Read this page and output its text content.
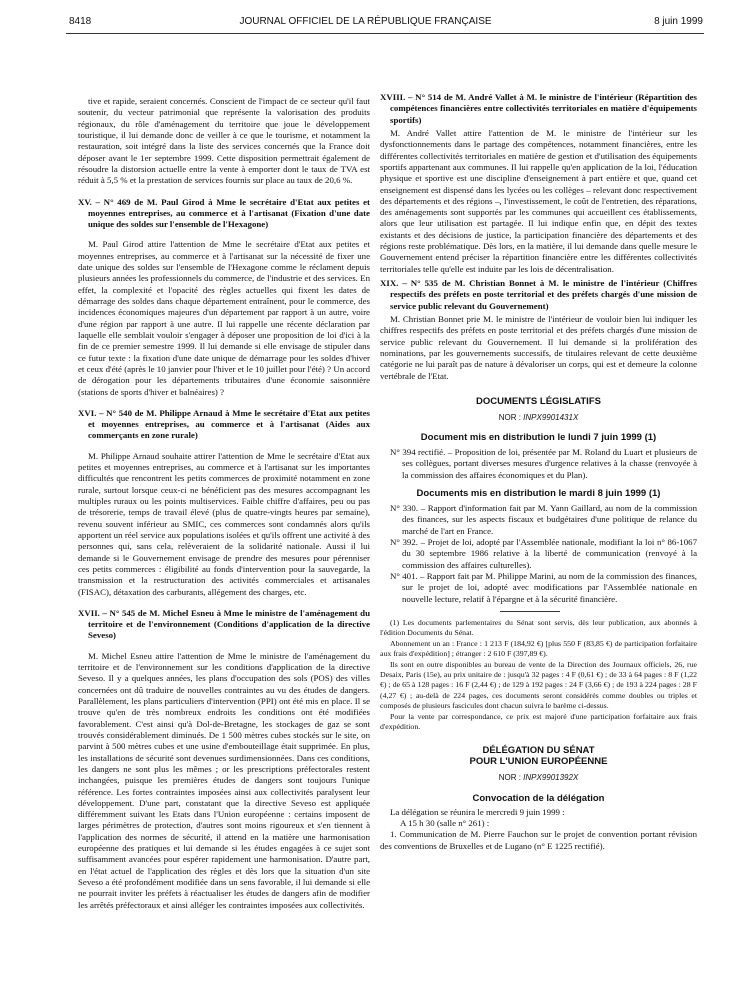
8418	JOURNAL OFFICIEL DE LA RÉPUBLIQUE FRANÇAISE	8 juin 1999

tive et rapide, seraient concernés. Conscient de l'impact de ce secteur qu'il faut soutenir, du vecteur patrimonial que représente la valorisation des produits régionaux, du rôle d'aménagement du territoire que joue le développement touristique, il lui demande donc de veiller à ce que le tourisme, et notamment la restauration, soit intégré dans la liste des services concernés que la France doit déposer avant le 1er septembre 1999. Cette disposition permettrait également de résoudre la distorsion actuelle entre la vente à emporter dont le taux de TVA est réduit à 5,5 % et la prestation de services fournis sur place au taux de 20,6 %.

XV. – N° 469 de M. Paul Girod à Mme le secrétaire d'Etat aux petites et moyennes entreprises, au commerce et à l'artisanat (Fixation d'une date unique des soldes sur l'ensemble de l'Hexagone)

M. Paul Girod attire l'attention de Mme le secrétaire d'Etat aux petites et moyennes entreprises, au commerce et à l'artisanat sur la nécessité de fixer une date unique des soldes sur l'ensemble de l'Hexagone comme le réclament depuis plusieurs années les professionnels du commerce, de l'industrie et des services. En effet, la complexité et l'opacité des règles actuelles qui fixent les dates de démarrage des soldes dans chaque département entraînent, pour le commerce, des incidences économiques majeures d'un département par rapport à un autre, voire d'une région par rapport à une autre. Il lui rappelle une récente déclaration par laquelle elle semblait vouloir s'engager à déposer une proposition de loi d'ici à la fin de ce premier semestre 1999. Il lui demande si elle envisage de stipuler dans ce futur texte : la fixation d'une date unique de démarrage pour les soldes d'hiver et ceux d'été (après le 10 janvier pour l'hiver et le 10 juillet pour l'été) ? Un accord de dérogation pour les départements tributaires d'une économie saisonnière (stations de sports d'hiver et balnéaires) ?

XVI. – N° 540 de M. Philippe Arnaud à Mme le secrétaire d'Etat aux petites et moyennes entreprises, au commerce et à l'artisanat (Aides aux commerçants en zone rurale)

M. Philippe Arnaud souhaite attirer l'attention de Mme le secrétaire d'Etat aux petites et moyennes entreprises, au commerce et à l'artisanat sur les importantes difficultés que rencontrent les petits commerces de proximité notamment en zone rurale, surtout lorsque ceux-ci ne bénéficient pas des mesures accompagnant les multiples ruraux ou les points multiservices. Faible chiffre d'affaires, peu ou pas de trésorerie, temps de travail élevé (plus de quatre-vingts heures par semaine), revenu souvent inférieur au SMIC, ces commerces sont condamnés alors qu'ils apportent un réel service aux populations isolées et qu'ils offrent une activité à des personnes qui, sans cela, relèveraient de la solidarité nationale. Aussi il lui demande si le Gouvernement envisage de prendre des mesures pour pérenniser ces petits commerces : éligibilité au fonds d'intervention pour la sauvegarde, la transmission et la restructuration des activités commerciales et artisanales (FISAC), détaxation des carburants, allégement des charges, etc.

XVII. – N° 545 de M. Michel Esneu à Mme le ministre de l'aménagement du territoire et de l'environnement (Conditions d'application de la directive Seveso)

M. Michel Esneu attire l'attention de Mme le ministre de l'aménagement du territoire et de l'environnement sur les conditions d'application de la directive Seveso. Il y a quelques années, les plans d'occupation des sols (POS) des villes concernées ont dû traduire de nouvelles contraintes au vu des études de dangers. Parallèlement, les plans particuliers d'intervention (PPI) ont été mis en place. Il se trouve qu'en de très nombreux endroits les conditions ont été modifiées favorablement. C'est ainsi qu'à Dol-de-Bretagne, les stockages de gaz se sont trouvés considérablement diminués. De 1 500 mètres cubes stockés sur le site, on parvint à 500 mètres cubes et une usine d'embouteillage était supprimée. En plus, les installations de sécurité sont devenues surdimensionnées. Dans ces conditions, les dangers ne sont plus les mêmes ; or les prescriptions préfectorales restent inchangées, puisque les premières études de dangers sont toujours l'unique référence. Les fortes contraintes imposées ainsi aux collectivités paralysent leur développement. D'une part, constatant que la directive Seveso est appliquée différemment suivant les Etats dans l'Union européenne : certains imposent de larges périmètres de protection, d'autres sont moins rigoureux et s'en tiennent à l'application des normes de sécurité, il attend en la matière une harmonisation européenne des pratiques et lui demande si les études engagées à ce sujet sont suffisamment avancées pour espérer rapidement une harmonisation. D'autre part, en l'état actuel de l'application des règles et dès lors que la situation d'un site Seveso a été profondément modifiée dans un sens favorable, il lui demande si elle ne pourrait inviter les préfets à réactualiser les études de dangers afin de modifier les arrêtés préfectoraux et ainsi alléger les contraintes imposées aux collectivités.

XVIII. – N° 514 de M. André Vallet à M. le ministre de l'intérieur (Répartition des compétences financières entre collectivités territoriales en matière d'équipements sportifs)

M. André Vallet attire l'attention de M. le ministre de l'intérieur sur les dysfonctionnements dans le partage des compétences, notamment financières, entre les différentes collectivités territoriales en matière de gestion et d'utilisation des équipements sportifs appartenant aux communes. Il lui rappelle qu'en application de la loi, l'éducation physique et sportive est une discipline d'enseignement à part entière et que, quand cet enseignement est dispensé dans les lycées ou les collèges – relevant donc respectivement des départements et des régions –, l'investissement, le coût de l'entretien, des réparations, des aménagements sont supportés par les communes qui accueillent ces établissements, alors que leur utilisation est partagée. Il lui indique enfin que, en dépit des textes existants et des décisions de justice, la participation financière des départements et des régions reste problématique. Dès lors, en la matière, il lui demande dans quelle mesure le Gouvernement entend préciser la répartition financière entre les différentes collectivités territoriales telle qu'elle est induite par les lois de décentralisation.

XIX. – N° 535 de M. Christian Bonnet à M. le ministre de l'intérieur (Chiffres respectifs des préfets en poste territorial et des préfets chargés d'une mission de service public relevant du Gouvernement)

M. Christian Bonnet prie M. le ministre de l'intérieur de vouloir bien lui indiquer les chiffres respectifs des préfets en poste territorial et des préfets chargés d'une mission de service public relevant du Gouvernement. Il lui demande si la prolifération des nominations, par les gouvernements successifs, de titulaires relevant de cette deuxième catégorie ne lui paraît pas de nature à dévaloriser un corps, qui est et demeure la colonne vertébrale de l'Etat.

DOCUMENTS LÉGISLATIFS

NOR : INPX9901431X

Document mis en distribution le lundi 7 juin 1999 (1)

N° 394 rectifié. – Proposition de loi, présentée par M. Roland du Luart et plusieurs de ses collègues, portant diverses mesures d'urgence relatives à la chasse (renvoyée à la commission des affaires économiques et du Plan).

Documents mis en distribution le mardi 8 juin 1999 (1)

N° 330. – Rapport d'information fait par M. Yann Gaillard, au nom de la commission des finances, sur les aspects fiscaux et budgétaires d'une politique de relance du marché de l'art en France.

N° 392. – Projet de loi, adopté par l'Assemblée nationale, modifiant la loi n° 86-1067 du 30 septembre 1986 relative à la liberté de communication (renvoyé à la commission des affaires culturelles).

N° 401. – Rapport fait par M. Philippe Marini, au nom de la commission des finances, sur le projet de loi, adopté avec modifications par l'Assemblée nationale en nouvelle lecture, relatif à l'épargne et à la sécurité financière.

(1) Les documents parlementaires du Sénat sont servis, dès leur publication, aux abonnés à l'édition Documents du Sénat.

Abonnement un an : France : 1 213 F (184,92 €) [plus 550 F (83,85 €) de participation forfaitaire aux frais d'expédition] ; étranger : 2 610 F (397,89 €).

Ils sont en outre disponibles au bureau de vente de la Direction des Journaux officiels, 26, rue Desaix, Paris (15e), au prix unitaire de : jusqu'à 32 pages : 4 F (0,61 €) ; de 33 à 64 pages : 8 F (1,22 €) ; de 65 à 128 pages : 16 F (2,44 €) ; de 129 à 192 pages : 24 F (3,66 €) ; de 193 à 224 pages : 28 F (4,27 €) ; au-delà de 224 pages, ces documents seront considérés comme doubles ou triples et composés de plusieurs fascicules dont chacun suivra le barème ci-dessus.

Pour la vente par correspondance, ce prix est majoré d'une participation forfaitaire aux frais d'expédition.

DÉLÉGATION DU SÉNAT

POUR L'UNION EUROPÉENNE

NOR : INPX9901392X

Convocation de la délégation

La délégation se réunira le mercredi 9 juin 1999 :

A 15 h 30 (salle n° 261) :

1. Communication de M. Pierre Fauchon sur le projet de convention portant révision des conventions de Bruxelles et de Lugano (n° E 1225 rectifié).
